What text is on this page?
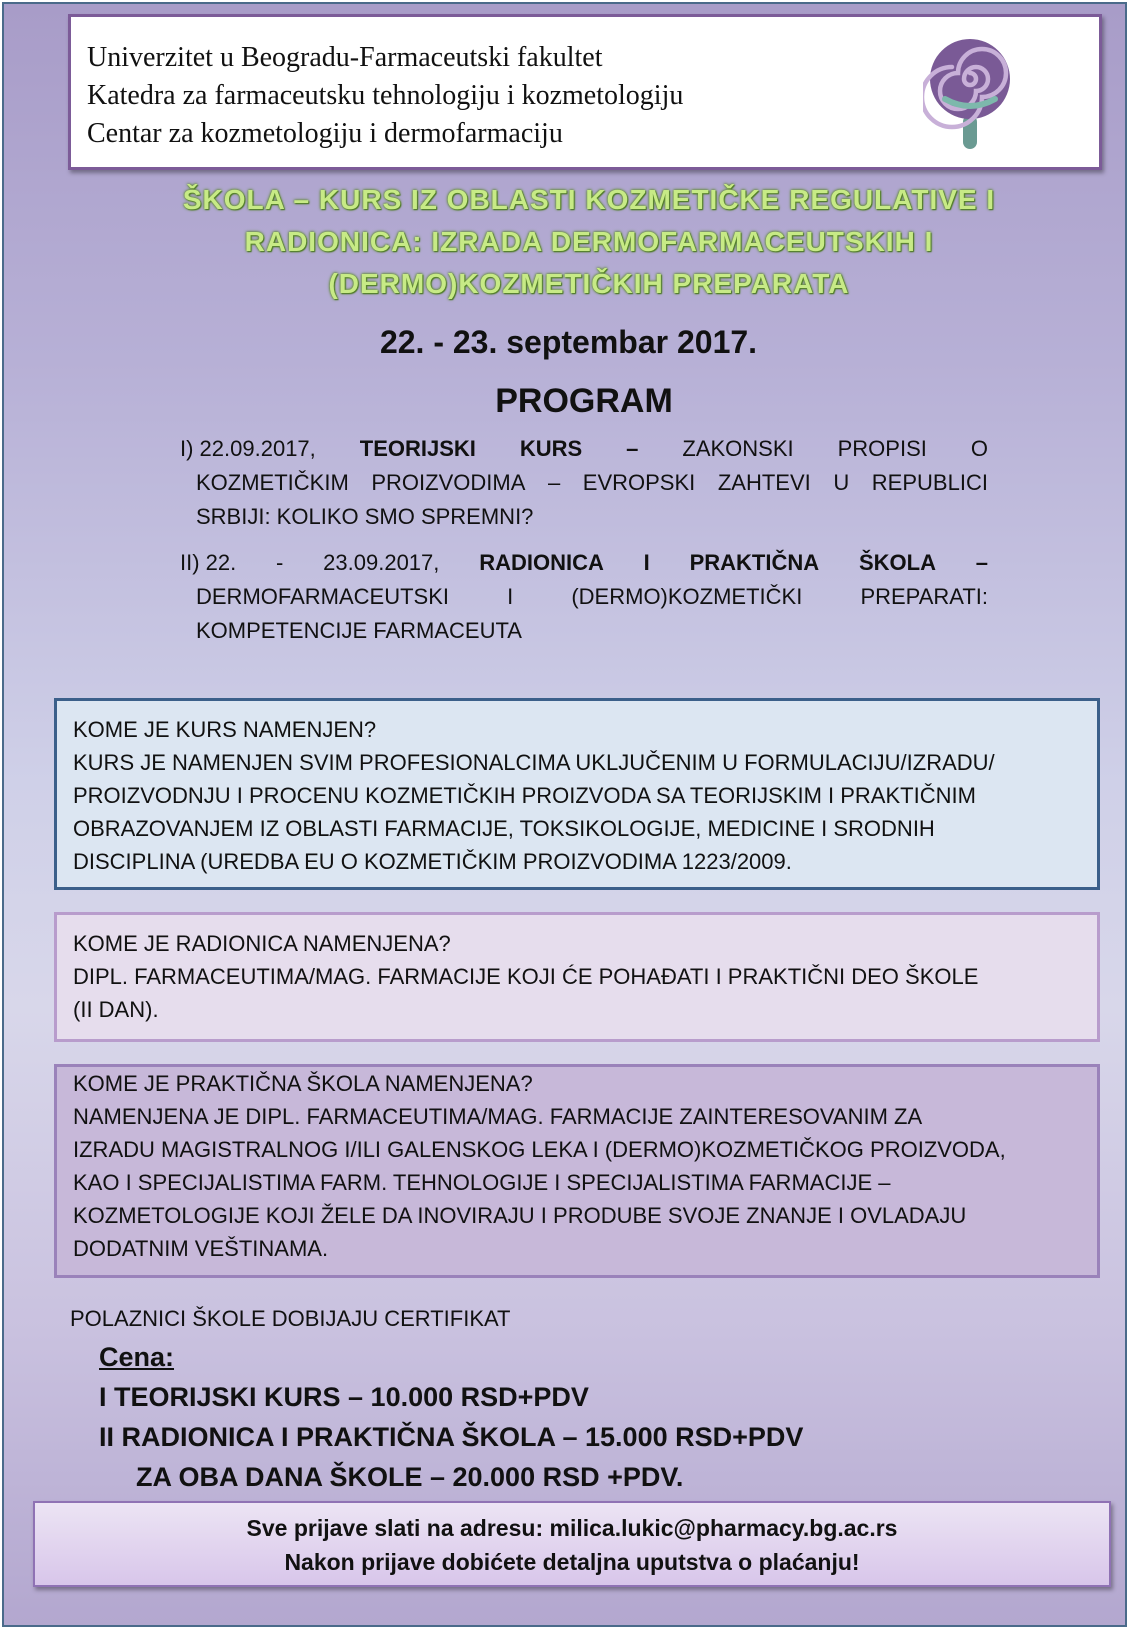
Univerzitet u Beogradu-Farmaceutski fakultet
Katedra za farmaceutsku tehnologiju i kozmetologiju
Centar za kozmetologiju i dermofarmaciju
ŠKOLA – KURS IZ OBLASTI KOZMETIČKE REGULATIVE I
RADIONICA: IZRADA DERMOFARMACEUTSKIH I
(DERMO)KOZMETIČKIH PREPARATA
22. - 23. septembar 2017.
PROGRAM
I) 22.09.2017, TEORIJSKI KURS – ZAKONSKI PROPISI O
KOZMETIČKIM PROIZVODIMA – EVROPSKI ZAHTEVI U REPUBLICI
SRBIJI: KOLIKO SMO SPREMNI?
II) 22. - 23.09.2017, RADIONICA I PRAKTIČNA ŠKOLA –
DERMOFARMACEUTSKI	I	(DERMO)KOZMETIČKI	PREPARATI:
KOMPETENCIJE FARMACEUTA
KOME JE KURS NAMENJEN?
KURS JE NAMENJEN SVIM PROFESIONALCIMA UKLJUČENIM U FORMULACIJU/IZRADU/
PROIZVODNJU I PROCENU KOZMETIČKIH PROIZVODA SA TEORIJSKIM I PRAKTIČNIM
OBRAZOVANJEM IZ OBLASTI FARMACIJE, TOKSIKOLOGIJE, MEDICINE I SRODNIH
DISCIPLINA (UREDBA EU O KOZMETIČKIM PROIZVODIMA 1223/2009.
KOME JE RADIONICA NAMENJENA?
DIPL. FARMACEUTIMA/MAG. FARMACIJE KOJI ĆE POHAĐATI I PRAKTIČNI DEO ŠKOLE
(II DAN).
KOME JE PRAKTIČNA ŠKOLA NAMENJENA?
NAMENJENA JE DIPL. FARMACEUTIMA/MAG. FARMACIJE ZAINTERESOVANIM ZA
IZRADU MAGISTRALNOG I/ILI GALENSKOG LEKA I (DERMO)KOZMETIČKOG PROIZVODA,
KAO I SPECIJALISTIMA FARM. TEHNOLOGIJE I SPECIJALISTIMA FARMACIJE –
KOZMETOLOGIJE KOJI ŽELE DA INOVIRAJU I PRODUBE SVOJE ZNANJE I OVLADAJU
DODATNIM VEŠTINAMA.
POLAZNICI ŠKOLE DOBIJAJU CERTIFIKAT
Cena:
I TEORIJSKI KURS – 10.000 RSD+PDV
II RADIONICA I PRAKTIČNA ŠKOLA – 15.000 RSD+PDV
ZA OBA DANA ŠKOLE – 20.000 RSD +PDV.
Sve prijave slati na adresu: milica.lukic@pharmacy.bg.ac.rs
Nakon prijave dobićete detaljna uputstva o plaćanju!
